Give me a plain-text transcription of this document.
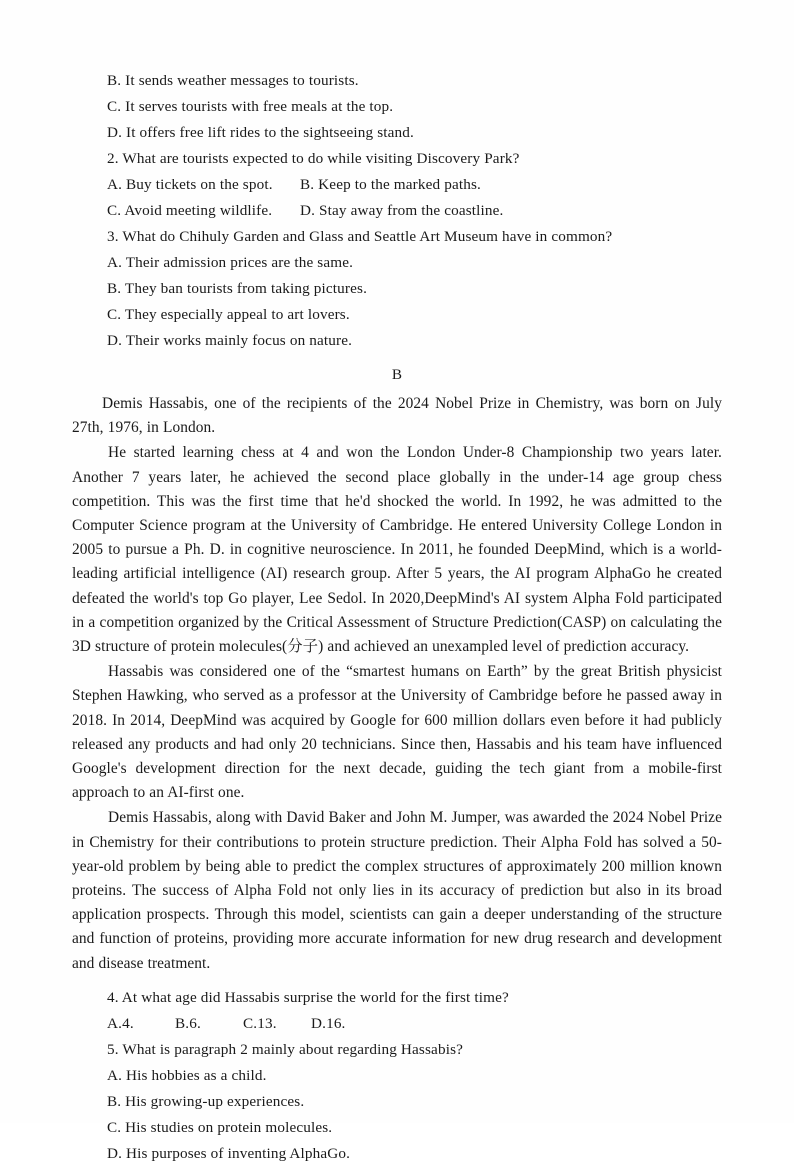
B. It sends weather messages to tourists.
C. It serves tourists with free meals at the top.
D. It offers free lift rides to the sightseeing stand.
2. What are tourists expected to do while visiting Discovery Park?
A. Buy tickets on the spot.	B. Keep to the marked paths.
C. Avoid meeting wildlife.	D. Stay away from the coastline.
3. What do Chihuly Garden and Glass and Seattle Art Museum have in common?
A. Their admission prices are the same.
B. They ban tourists from taking pictures.
C. They especially appeal to art lovers.
D. Their works mainly focus on nature.
B

Demis Hassabis, one of the recipients of the 2024 Nobel Prize in Chemistry, was born on July 27th, 1976, in London.

He started learning chess at 4 and won the London Under-8 Championship two years later. Another 7 years later, he achieved the second place globally in the under-14 age group chess competition. This was the first time that he'd shocked the world. In 1992, he was admitted to the Computer Science program at the University of Cambridge. He entered University College London in 2005 to pursue a Ph. D. in cognitive neuroscience. In 2011, he founded DeepMind, which is a world-leading artificial intelligence (AI) research group. After 5 years, the AI program AlphaGo he created defeated the world's top Go player, Lee Sedol. In 2020,DeepMind's AI system Alpha Fold participated in a competition organized by the Critical Assessment of Structure Prediction(CASP) on calculating the 3D structure of protein molecules(分子) and achieved an unexampled level of prediction accuracy.

Hassabis was considered one of the “smartest humans on Earth” by the great British physicist Stephen Hawking, who served as a professor at the University of Cambridge before he passed away in 2018. In 2014, DeepMind was acquired by Google for 600 million dollars even before it had publicly released any products and had only 20 technicians. Since then, Hassabis and his team have influenced Google's development direction for the next decade, guiding the tech giant from a mobile-first approach to an AI-first one.

Demis Hassabis, along with David Baker and John M. Jumper, was awarded the 2024 Nobel Prize in Chemistry for their contributions to protein structure prediction. Their Alpha Fold has solved a 50-year-old problem by being able to predict the complex structures of approximately 200 million known proteins. The success of Alpha Fold not only lies in its accuracy of prediction but also in its broad application prospects. Through this model, scientists can gain a deeper understanding of the structure and function of proteins, providing more accurate information for new drug research and development and disease treatment.

4. At what age did Hassabis surprise the world for the first time?
A.4.	B.6.	C.13.	D.16.
5. What is paragraph 2 mainly about regarding Hassabis?
A. His hobbies as a child.
B. His growing-up experiences.
C. His studies on protein molecules.
D. His purposes of inventing AlphaGo.
